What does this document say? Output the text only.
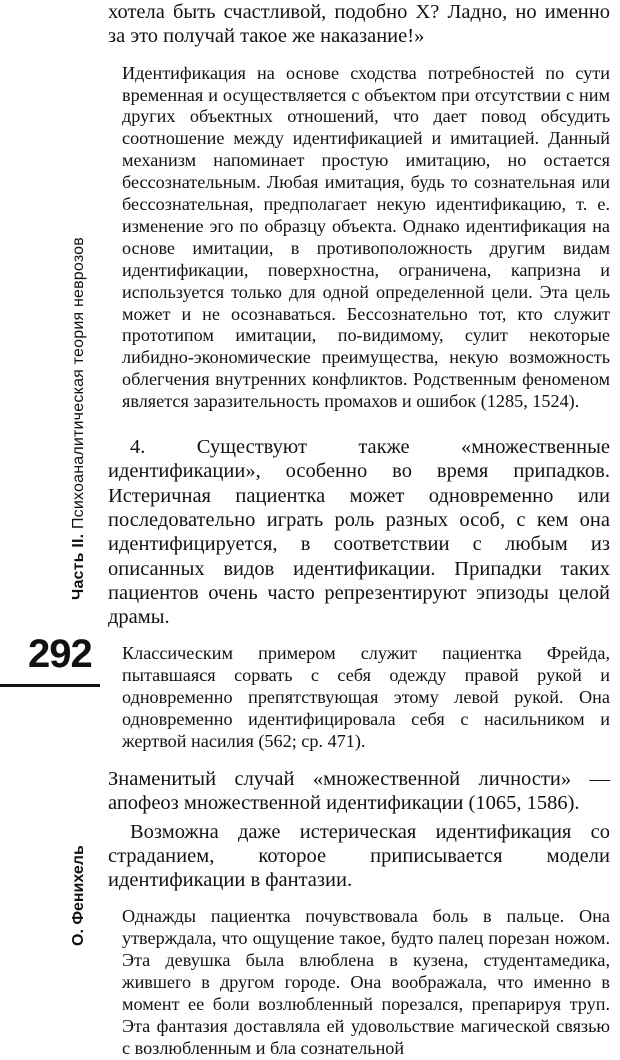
Часть II. Психоаналитическая теория неврозов
292
О. Фенихель

хотела быть счастливой, подобно Х? Ладно, но именно за это получай такое же наказание!»

Идентификация на основе сходства потребностей по сути временная и осуществляется с объектом при отсутствии с ним других объектных отношений, что дает повод обсудить соотношение между идентификацией и имитацией. Данный механизм напоминает простую имитацию, но остается бессознательным. Любая имитация, будь то сознательная или бессознательная, предполагает некую идентификацию, т. е. изменение эго по образцу объекта. Однако идентификация на основе имитации, в противоположность другим видам идентификации, поверхностна, ограничена, капризна и используется только для одной определенной цели. Эта цель может и не осознаваться. Бессознательно тот, кто служит прототипом имитации, по-видимому, сулит некоторые либидно-экономические преимущества, некую возможность облегчения внутренних конфликтов. Родственным феноменом является заразительность промахов и ошибок (1285, 1524).

4. Существуют также «множественные идентификации», особенно во время припадков. Истеричная пациентка может одновременно или последовательно играть роль разных особ, с кем она идентифицируется, в соответствии с любым из описанных видов идентификации. Припадки таких пациентов очень часто репрезентируют эпизоды целой драмы.

Классическим примером служит пациентка Фрейда, пытавшаяся сорвать с себя одежду правой рукой и одновременно препятствующая этому левой рукой. Она одновременно идентифицировала себя с насильником и жертвой насилия (562; ср. 471).

Знаменитый случай «множественной личности» — апофеоз множественной идентификации (1065, 1586).

Возможна даже истерическая идентификация со страданием, которое приписывается модели идентификации в фантазии.

Однажды пациентка почувствовала боль в пальце. Она утверждала, что ощущение такое, будто палец порезан ножом. Эта девушка была влюблена в кузена, студентамедика, жившего в другом городе. Она воображала, что именно в момент ее боли возлюбленный порезался, препарируя труп. Эта фантазия доставляла ей удовольствие магической связью с возлюбленным и бла сознательной
